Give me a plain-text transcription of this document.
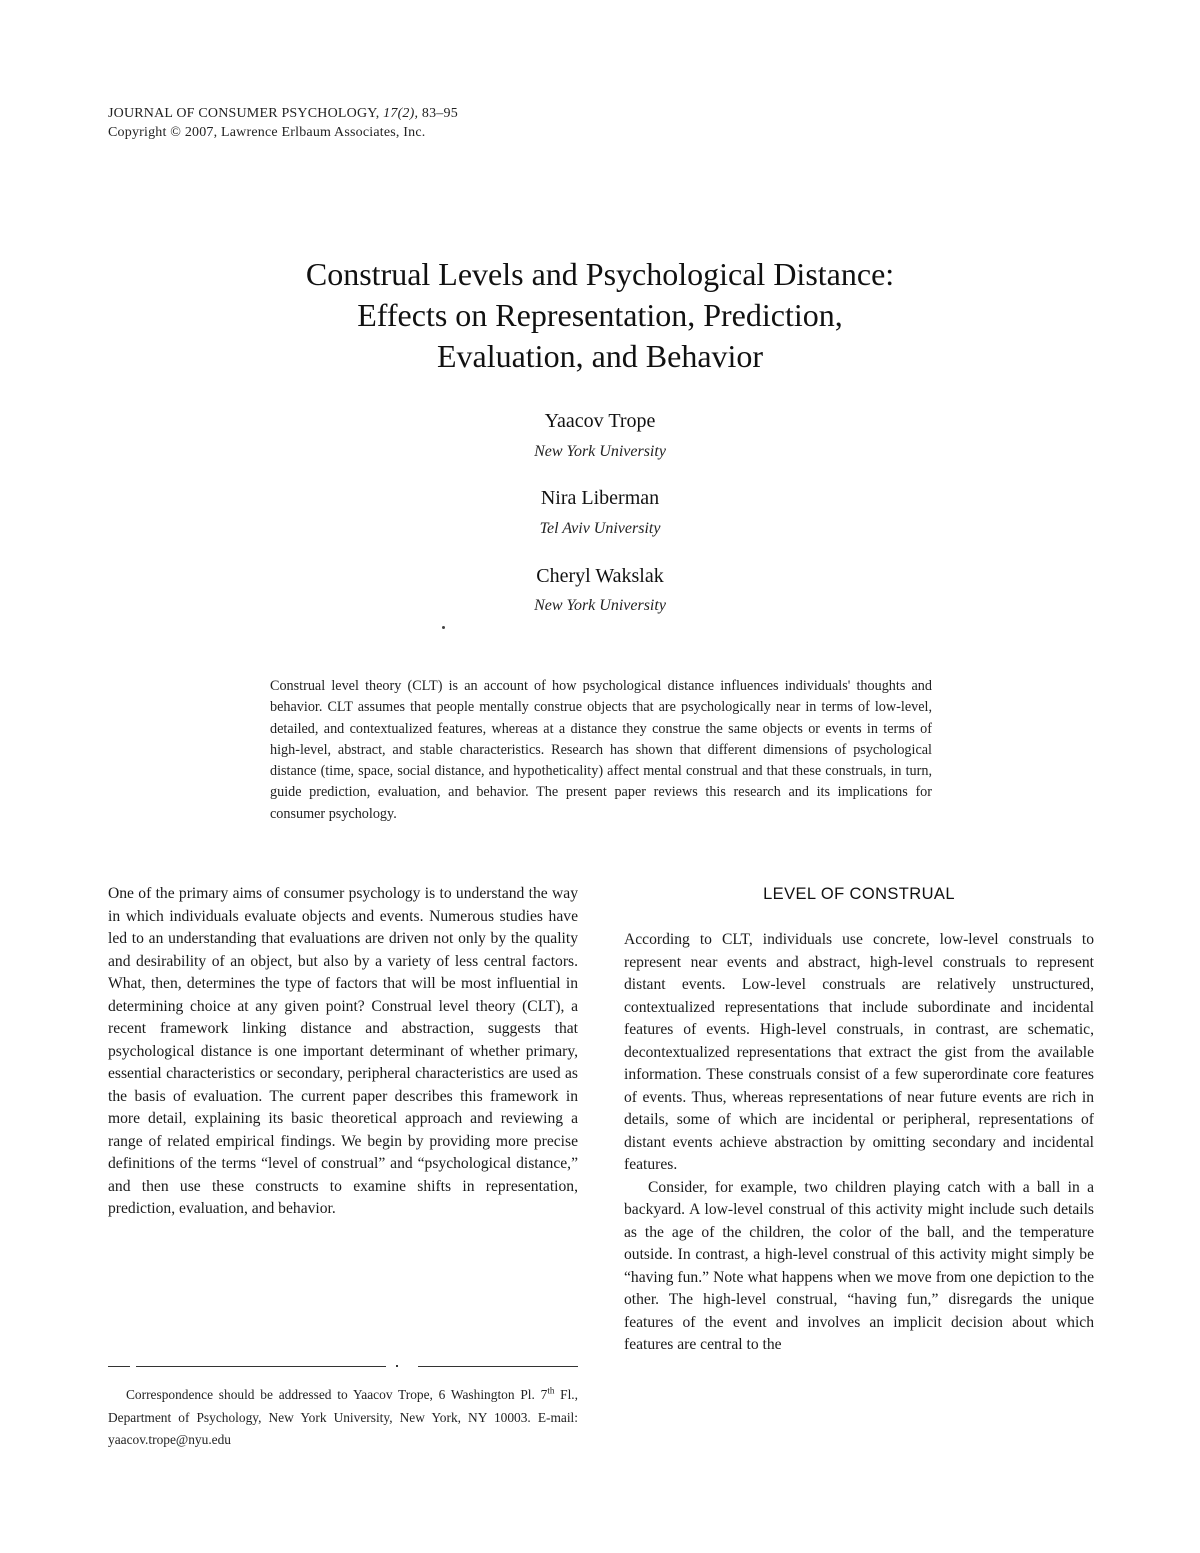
JOURNAL OF CONSUMER PSYCHOLOGY, 17(2), 83–95
Copyright © 2007, Lawrence Erlbaum Associates, Inc.
Construal Levels and Psychological Distance:
Effects on Representation, Prediction,
Evaluation, and Behavior
Yaacov Trope
New York University
Nira Liberman
Tel Aviv University
Cheryl Wakslak
New York University
Construal level theory (CLT) is an account of how psychological distance influences individuals' thoughts and behavior. CLT assumes that people mentally construe objects that are psychologically near in terms of low-level, detailed, and contextualized features, whereas at a distance they construe the same objects or events in terms of high-level, abstract, and stable characteristics. Research has shown that different dimensions of psychological distance (time, space, social distance, and hypotheticality) affect mental construal and that these construals, in turn, guide prediction, evaluation, and behavior. The present paper reviews this research and its implications for consumer psychology.

One of the primary aims of consumer psychology is to understand the way in which individuals evaluate objects and events. Numerous studies have led to an understanding that evaluations are driven not only by the quality and desirability of an object, but also by a variety of less central factors. What, then, determines the type of factors that will be most influential in determining choice at any given point? Construal level theory (CLT), a recent framework linking distance and abstraction, suggests that psychological distance is one important determinant of whether primary, essential characteristics or secondary, peripheral characteristics are used as the basis of evaluation. The current paper describes this framework in more detail, explaining its basic theoretical approach and reviewing a range of related empirical findings. We begin by providing more precise definitions of the terms “level of construal” and “psychological distance,” and then use these constructs to examine shifts in representation, prediction, evaluation, and behavior.

LEVEL OF CONSTRUAL

According to CLT, individuals use concrete, low-level construals to represent near events and abstract, high-level construals to represent distant events. Low-level construals are relatively unstructured, contextualized representations that include subordinate and incidental features of events. High-level construals, in contrast, are schematic, decontextualized representations that extract the gist from the available information. These construals consist of a few superordinate core features of events. Thus, whereas representations of near future events are rich in details, some of which are incidental or peripheral, representations of distant events achieve abstraction by omitting secondary and incidental features.

Consider, for example, two children playing catch with a ball in a backyard. A low-level construal of this activity might include such details as the age of the children, the color of the ball, and the temperature outside. In contrast, a high-level construal of this activity might simply be “having fun.” Note what happens when we move from one depiction to the other. The high-level construal, “having fun,” disregards the unique features of the event and involves an implicit decision about which features are central to the

Correspondence should be addressed to Yaacov Trope, 6 Washington Pl. 7th Fl., Department of Psychology, New York University, New York, NY 10003. E-mail: yaacov.trope@nyu.edu
